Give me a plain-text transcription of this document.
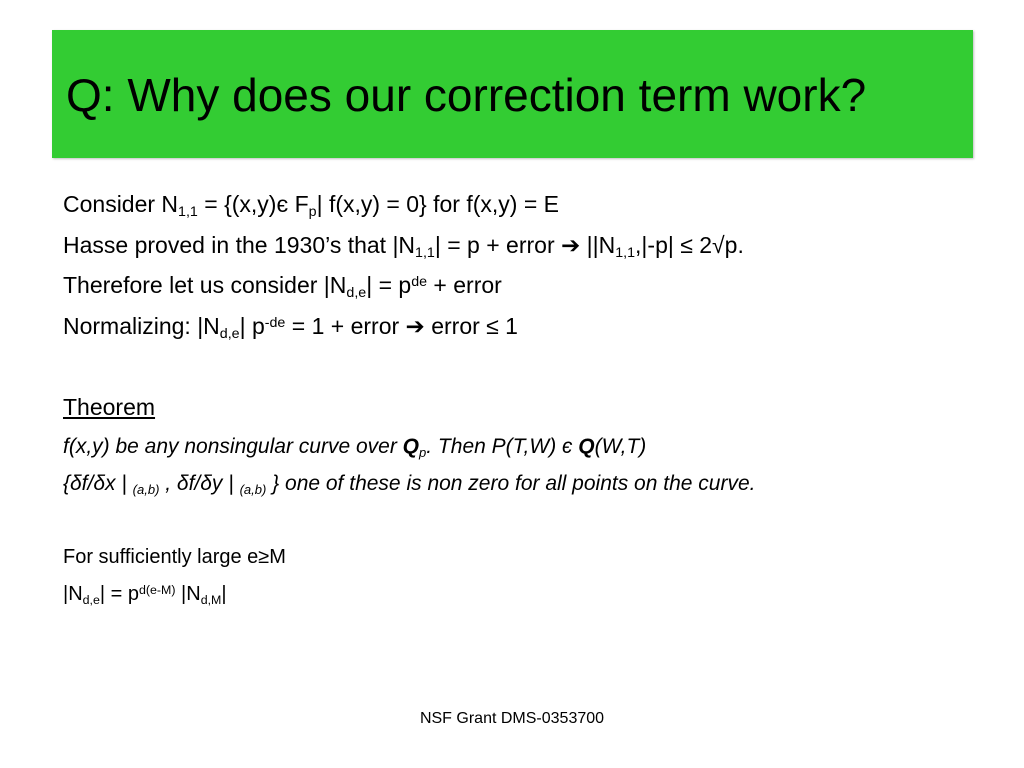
Q: Why does our correction term work?
Consider $N_{1,1} = \{(x,y)є$ $F_p|$ f(x,y) = 0} for f(x,y) = E
Hasse proved in the 1930’s that $|N_{1,1}| = p$ + error ➔ $||N_{1,1},|-p| \le 2√p$.
Therefore let us consider $|N_{d,e}| = p^{de}$ + error
Normalizing: $|N_{d,e}|$ $p^{-de} = 1$ + error ➔ error ≤ 1
Theorem
f(x,y) be any nonsingular curve over $Q_p$. Then P(T,W) є Q(W,T)
{δf/δx | $_{(a,b)}$ , δf/δy | $_{(a,b)}$ } one of these is non zero for all points on the curve.
For sufficiently large e≥M
$|N_{d,e}| = p^{d(e-M)}$ $|N_{d,M}|$
NSF Grant DMS-0353700
